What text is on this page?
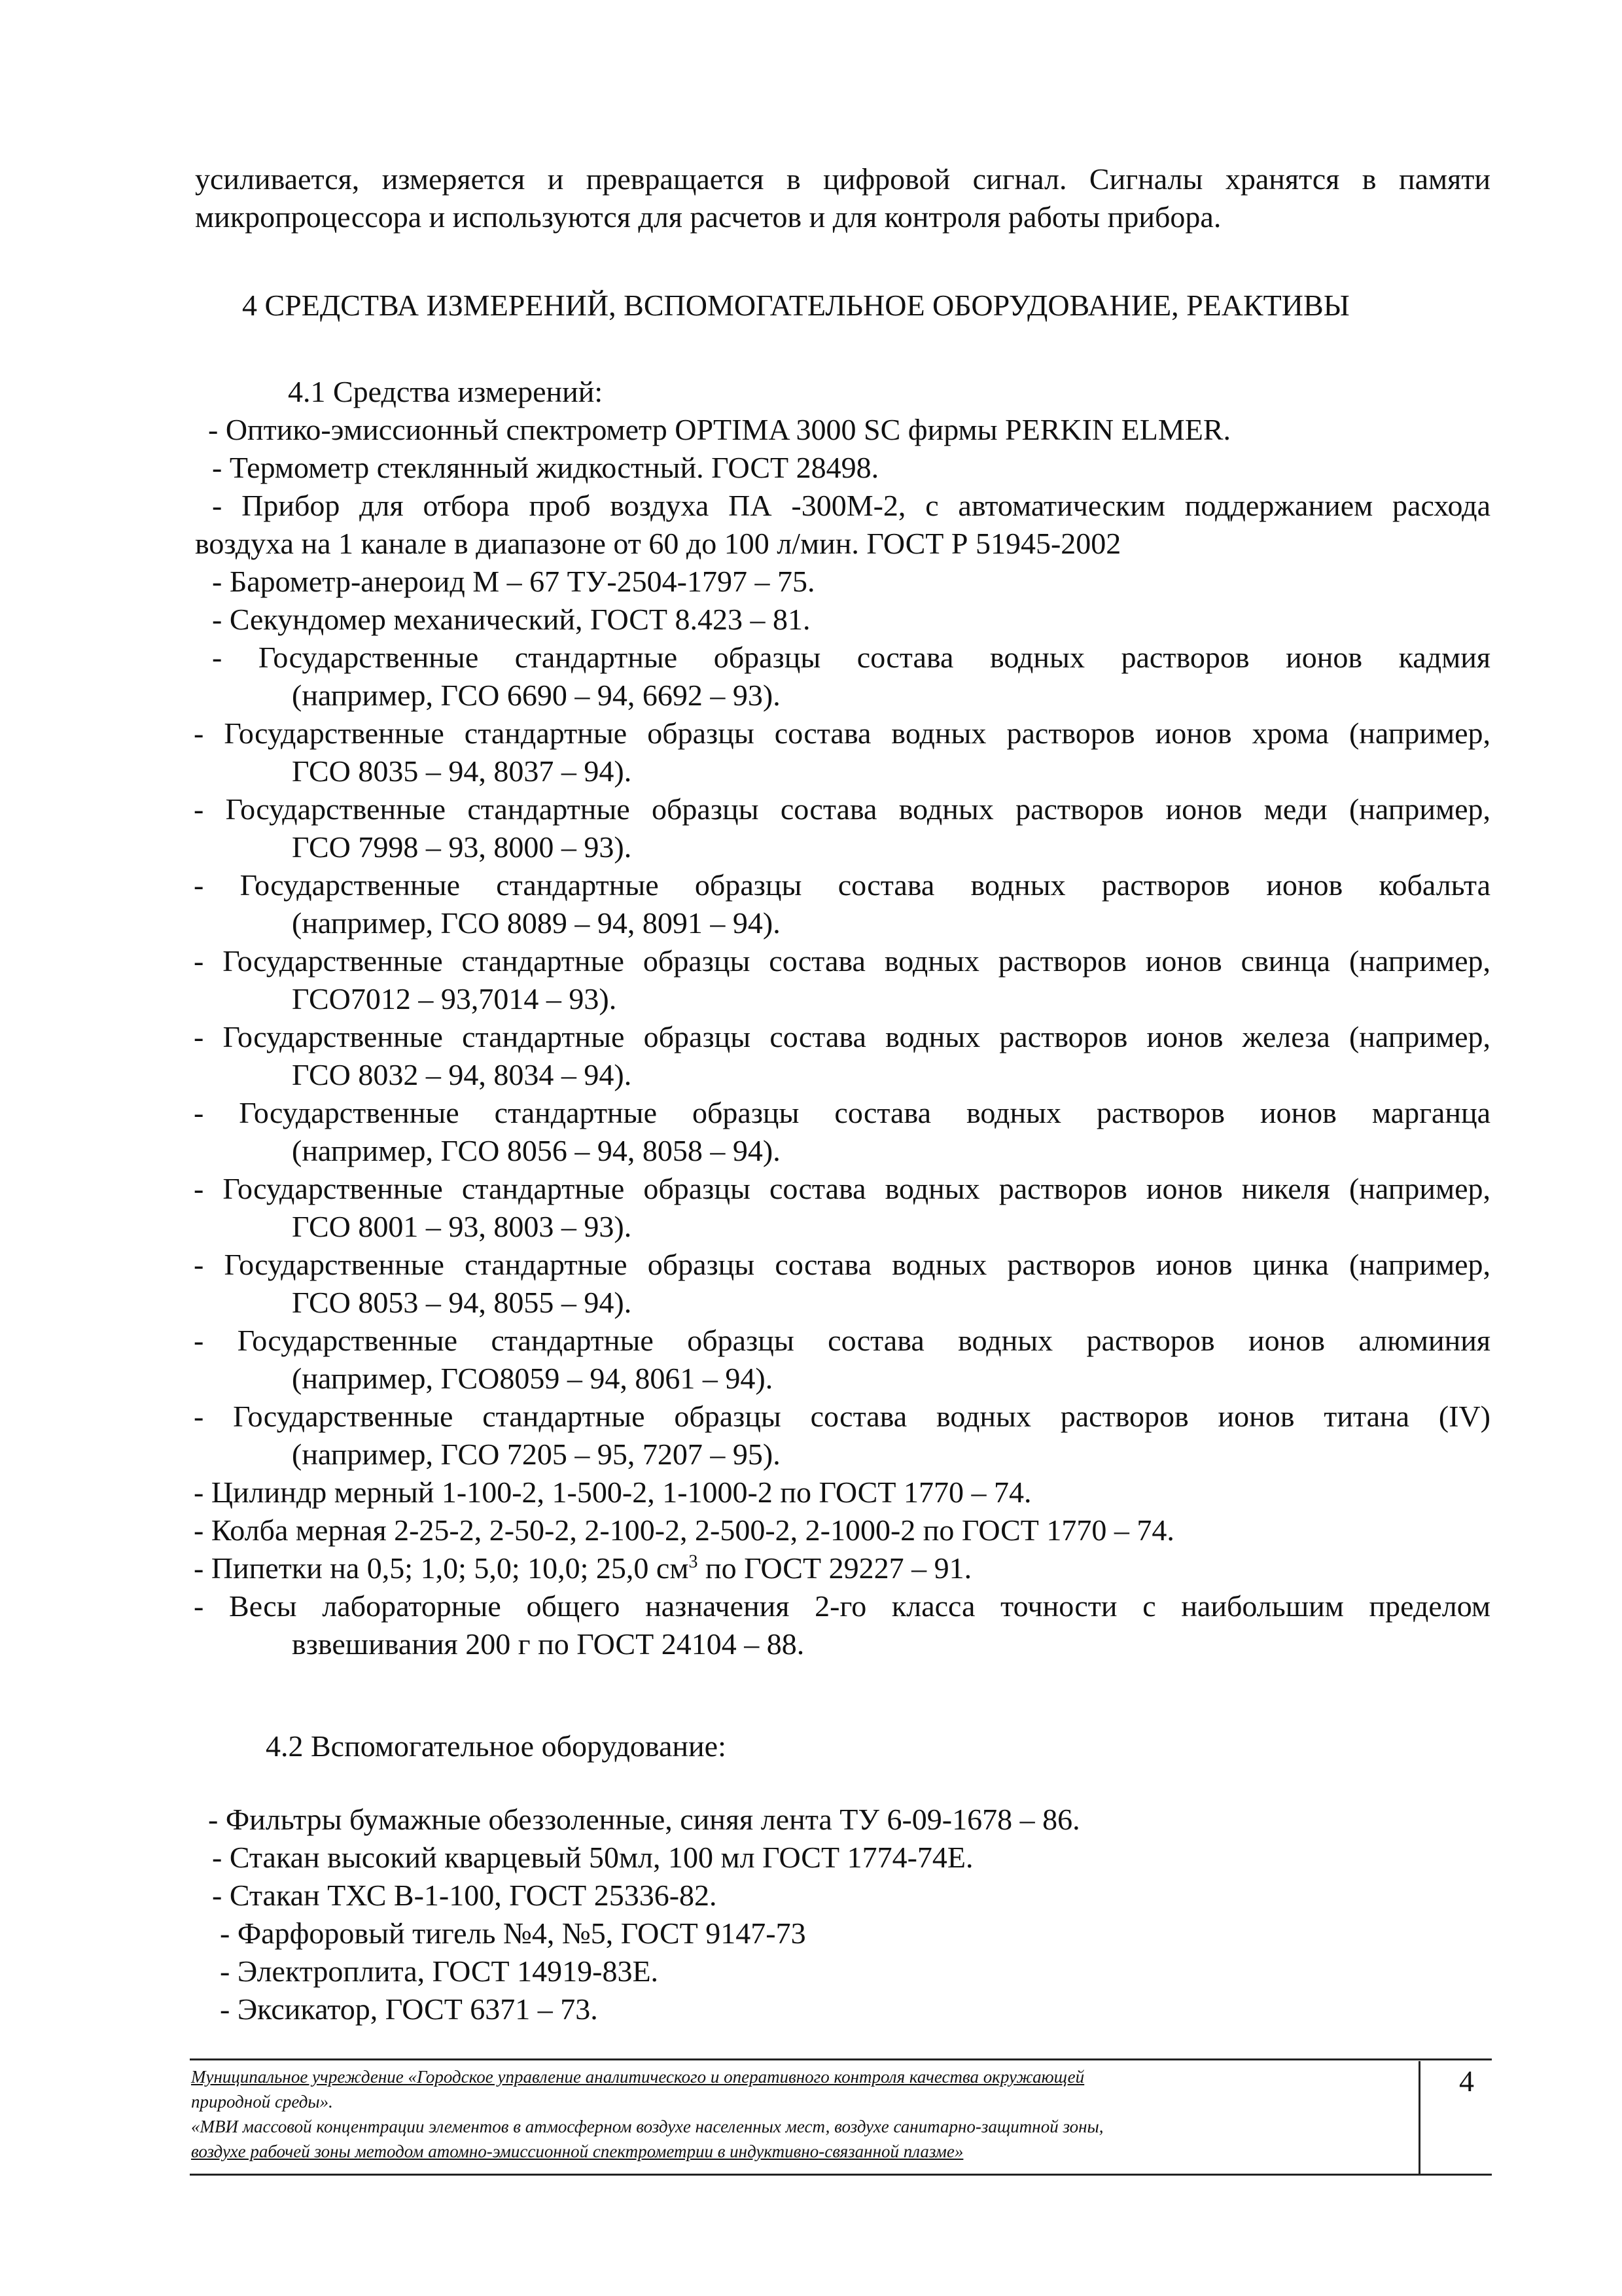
усиливается, измеряется и превращается в цифровой сигнал. Сигналы хранятся в памяти
микропроцессора и используются для расчетов и для контроля работы прибора.
4 СРЕДСТВА ИЗМЕРЕНИЙ, ВСПОМОГАТЕЛЬНОЕ ОБОРУДОВАНИЕ, РЕАКТИВЫ
4.1 Средства измерений:
- Оптико-эмиссионньй спектрометр OPTIMA 3000 SC фирмы PERKIN ELMER.
- Термометр стеклянный жидкостный. ГОСТ 28498.
- Прибор для отбора проб воздуха ПА -300М-2, с автоматическим поддержанием расхода
воздуха на 1 канале в диапазоне от 60 до 100 л/мин. ГОСТ Р 51945-2002
- Барометр-анероид М – 67 ТУ-2504-1797 – 75.
- Секундомер механический, ГОСТ 8.423 – 81.
- Государственные стандартные образцы состава водных растворов ионов кадмия
(например, ГСО 6690 – 94, 6692 – 93).
- Государственные стандартные образцы состава водных растворов ионов хрома (например,
ГСО 8035 – 94, 8037 – 94).
- Государственные стандартные образцы состава водных растворов ионов меди (например,
ГСО 7998 – 93, 8000 – 93).
- Государственные стандартные образцы состава водных растворов ионов кобальта
(например, ГСО 8089 – 94, 8091 – 94).
- Государственные стандартные образцы состава водных растворов ионов свинца (например,
ГСО7012 – 93,7014 – 93).
- Государственные стандартные образцы состава водных растворов ионов железа (например,
ГСО 8032 – 94, 8034 – 94).
- Государственные стандартные образцы состава водных растворов ионов марганца
(например, ГСО 8056 – 94, 8058 – 94).
- Государственные стандартные образцы состава водных растворов ионов никеля (например,
ГСО 8001 – 93, 8003 – 93).
- Государственные стандартные образцы состава водных растворов ионов цинка (например,
ГСО 8053 – 94, 8055 – 94).
- Государственные стандартные образцы состава водных растворов ионов алюминия
(например, ГСО8059 – 94, 8061 – 94).
- Государственные стандартные образцы состава водных растворов ионов титана (IV)
(например, ГСО 7205 – 95, 7207 – 95).
- Цилиндр мерный 1-100-2, 1-500-2, 1-1000-2 по ГОСТ 1770 – 74.
- Колба мерная 2-25-2, 2-50-2, 2-100-2, 2-500-2, 2-1000-2 по ГОСТ 1770 – 74.
- Пипетки на 0,5; 1,0; 5,0; 10,0; 25,0 $см^3$ по ГОСТ 29227 – 91.
- Весы лабораторные общего назначения 2-го класса точности с наибольшим пределом
взвешивания 200 г по ГОСТ 24104 – 88.
4.2 Вспомогательное оборудование:
- Фильтры бумажные обеззоленные, синяя лента ТУ 6-09-1678 – 86.
- Стакан высокий кварцевый 50мл, 100 мл ГОСТ 1774-74Е.
- Стакан ТХС В-1-100, ГОСТ 25336-82.
- Фарфоровый тигель №4, №5, ГОСТ 9147-73
- Электроплита, ГОСТ 14919-83Е.
- Эксикатор, ГОСТ 6371 – 73.
Муниципальное учреждение «Городское управление аналитического и оперативного контроля качества окружающей
природной среды».
«МВИ массовой концентрации элементов в атмосферном воздухе населенных мест, воздухе санитарно-защитной зоны,
воздухе рабочей зоны методом атомно-эмиссионной спектрометрии в индуктивно-связанной плазме»
4
